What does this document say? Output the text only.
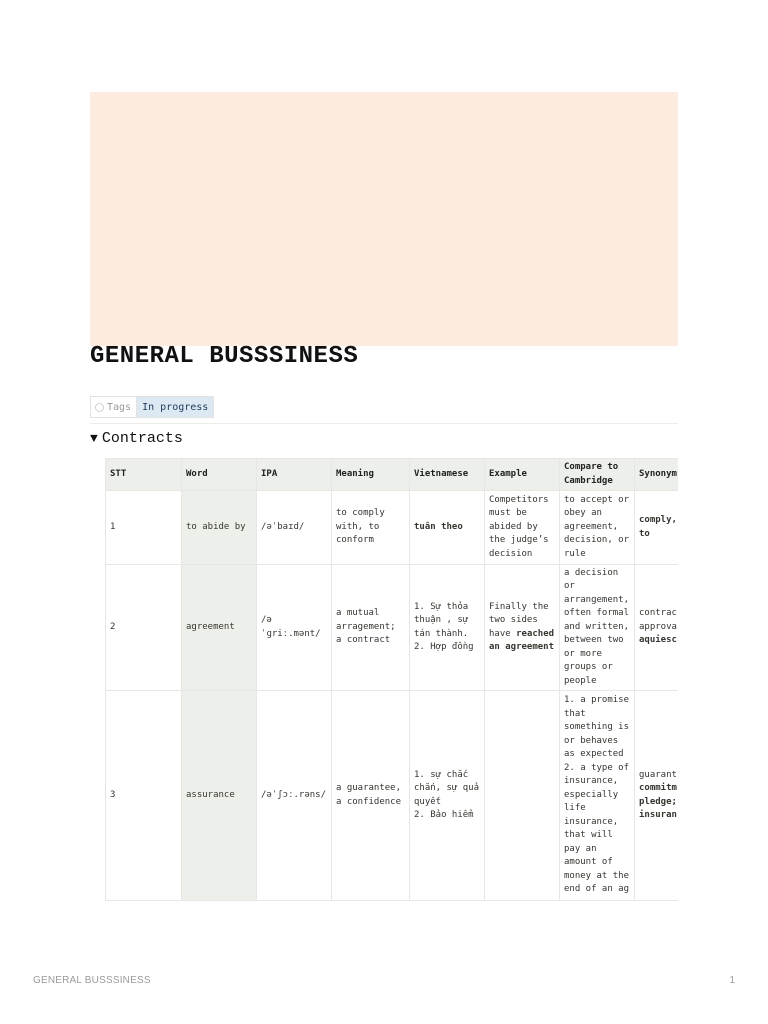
GENERAL BUSSSINESS
Tags	In progress
▼ Contracts
STT	Word	IPA	Meaning	Vietnamese	Example	Compare to Cambridge	Synonym
1	to abide by	/əˈbaɪd/	to comply with, to conform	tuân theo	Competitors must be abided by the judge’s decision	to accept or obey an agreement, decision, or rule	comply,
to
2	agreement	/əˈɡriː.mənt/	a mutual arragement; a contract	1. Sự thỏa thuận , sự tán thành.
2. Hợp đồng	Finally the two sides have reached an agreement	a decision or arrangement, often formal and written, between two or more groups or people	contrac
approva
aquiesc
3	assurance	/əˈʃɔː.rəns/	a guarantee, a confidence	1. sự chắc chắn, sự quả quyết
2. Bảo hiểm		1. a promise that something is or behaves as expected
2. a type of insurance, especially life insurance, that will pay an amount of money at the end of an ag	guarant
commitm
pledge;
insuran
GENERAL BUSSSINESS	1
